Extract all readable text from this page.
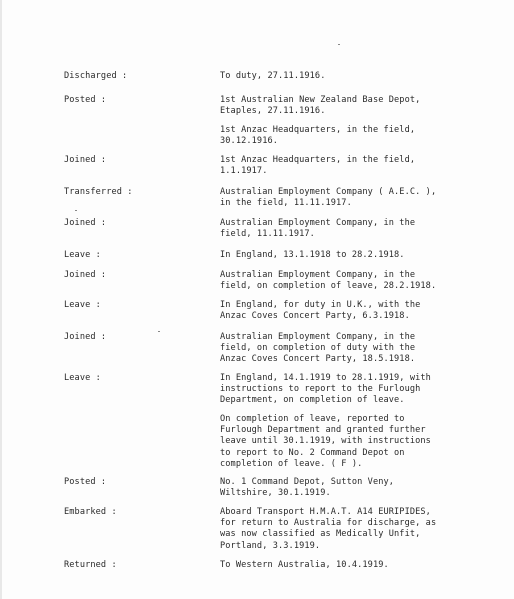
Discharged :	To duty, 27.11.1916.
Posted :	1st Australian New Zealand Base Depot,
Etaples, 27.11.1916.
1st Anzac Headquarters, in the field,
30.12.1916.
Joined :	1st Anzac Headquarters, in the field,
1.1.1917.
Transferred :	Australian Employment Company ( A.E.C. ),
in the field, 11.11.1917.
Joined :	Australian Employment Company, in the
field, 11.11.1917.
Leave :	In England, 13.1.1918 to 28.2.1918.
Joined :	Australian Employment Company, in the
field, on completion of leave, 28.2.1918.
Leave :	In England, for duty in U.K., with the
Anzac Coves Concert Party, 6.3.1918.
Joined :	Australian Employment Company, in the
field, on completion of duty with the
Anzac Coves Concert Party, 18.5.1918.
Leave :	In England, 14.1.1919 to 28.1.1919, with
instructions to report to the Furlough
Department, on completion of leave.
On completion of leave, reported to
Furlough Department and granted further
leave until 30.1.1919, with instructions
to report to No. 2 Command Depot on
completion of leave. ( F ).
Posted :	No. 1 Command Depot, Sutton Veny,
Wiltshire, 30.1.1919.
Embarked :	Aboard Transport H.M.A.T. A14 EURIPIDES,
for return to Australia for discharge, as
was now classified as Medically Unfit,
Portland, 3.3.1919.
Returned :	To Western Australia, 10.4.1919.
